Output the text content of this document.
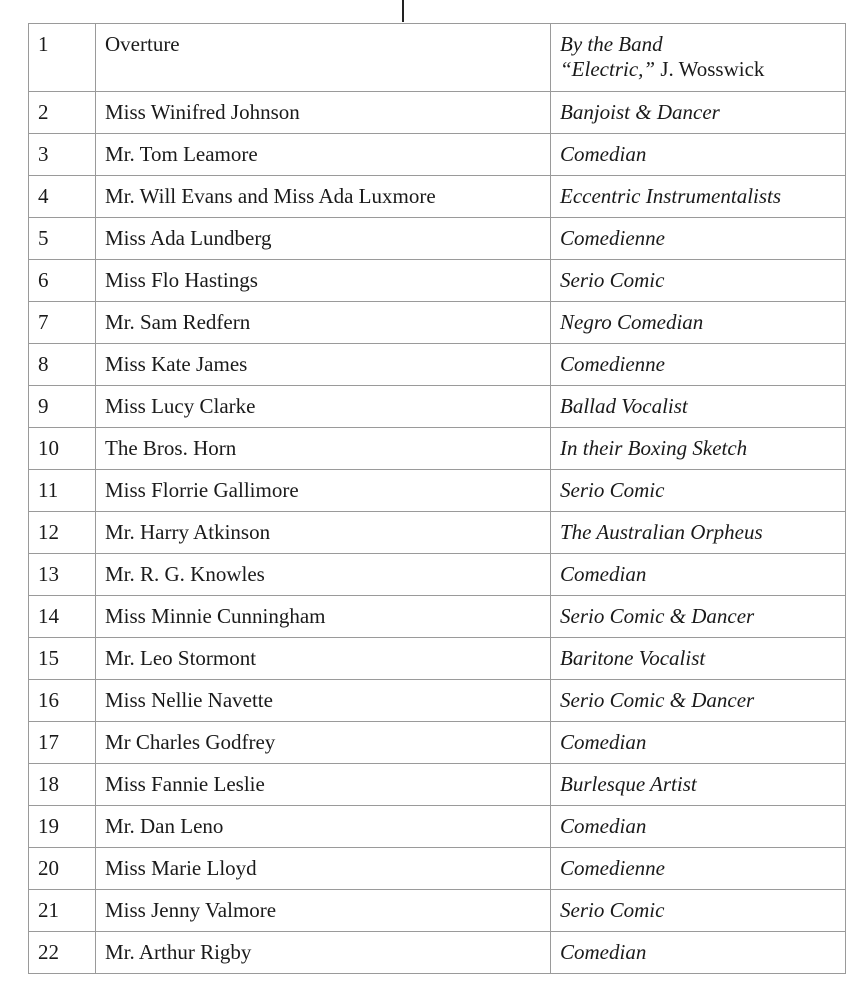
1	Overture	By the Band
“Electric,” J. Wosswick

2	Miss Winifred Johnson	Banjoist & Dancer
3	Mr. Tom Leamore	Comedian
4	Mr. Will Evans and Miss Ada Luxmore	Eccentric Instrumentalists
5	Miss Ada Lundberg	Comedienne
6	Miss Flo Hastings	Serio Comic
7	Mr. Sam Redfern	Negro Comedian
8	Miss Kate James	Comedienne
9	Miss Lucy Clarke	Ballad Vocalist
10	The Bros. Horn	In their Boxing Sketch
11	Miss Florrie Gallimore	Serio Comic
12	Mr. Harry Atkinson	The Australian Orpheus
13	Mr. R. G. Knowles	Comedian
14	Miss Minnie Cunningham	Serio Comic & Dancer
15	Mr. Leo Stormont	Baritone Vocalist
16	Miss Nellie Navette	Serio Comic & Dancer
17	Mr Charles Godfrey	Comedian
18	Miss Fannie Leslie	Burlesque Artist
19	Mr. Dan Leno	Comedian
20	Miss Marie Lloyd	Comedienne
21	Miss Jenny Valmore	Serio Comic
22	Mr. Arthur Rigby	Comedian
